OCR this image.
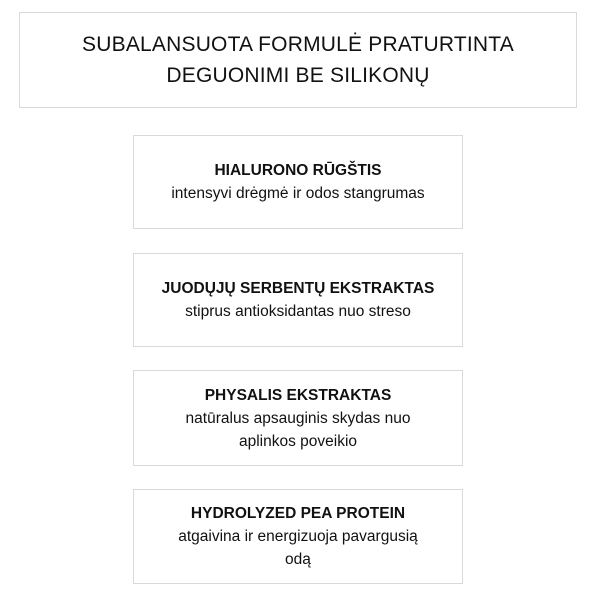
SUBALANSUOTA FORMULĖ PRATURTINTA
DEGUONIMI BE SILIKONŲ
HIALURONO RŪGŠTIS
intensyvi drėgmė ir odos stangrumas
JUODŲJŲ SERBENTŲ EKSTRAKTAS
stiprus antioksidantas nuo streso
PHYSALIS EKSTRAKTAS
natūralus apsauginis skydas nuo
aplinkos poveikio
HYDROLYZED PEA PROTEIN
atgaivina ir energizuoja pavargusią
odą
